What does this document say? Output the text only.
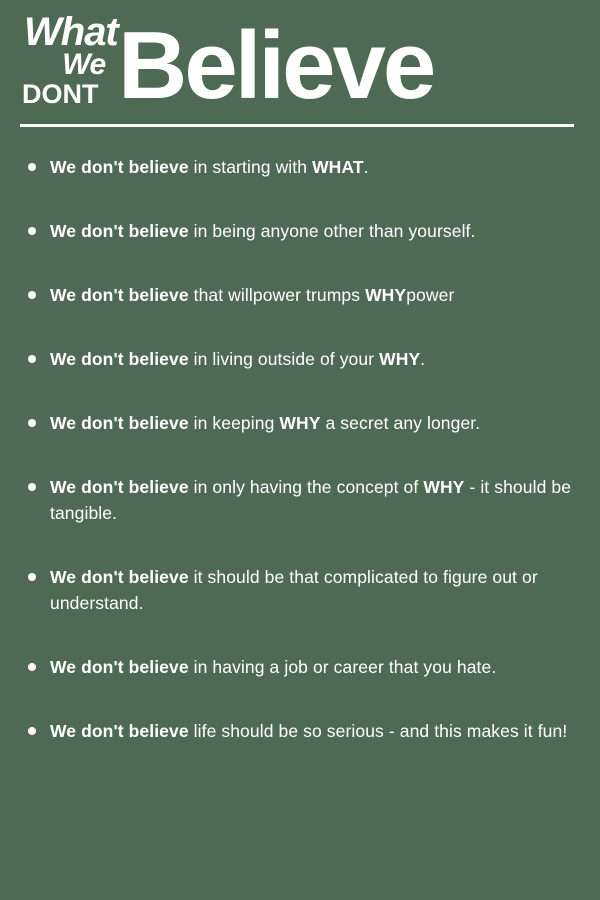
What
We
DONT Believe
We don't believe in starting with WHAT.
We don't believe in being anyone other than yourself.
We don't believe that willpower trumps WHYpower
We don't believe in living outside of your WHY.
We don't believe in keeping WHY a secret any longer.
We don't believe in only having the concept of WHY - it should be tangible.
We don't believe it should be that complicated to figure out or understand.
We don't believe in having a job or career that you hate.
We don't believe life should be so serious - and this makes it fun!
